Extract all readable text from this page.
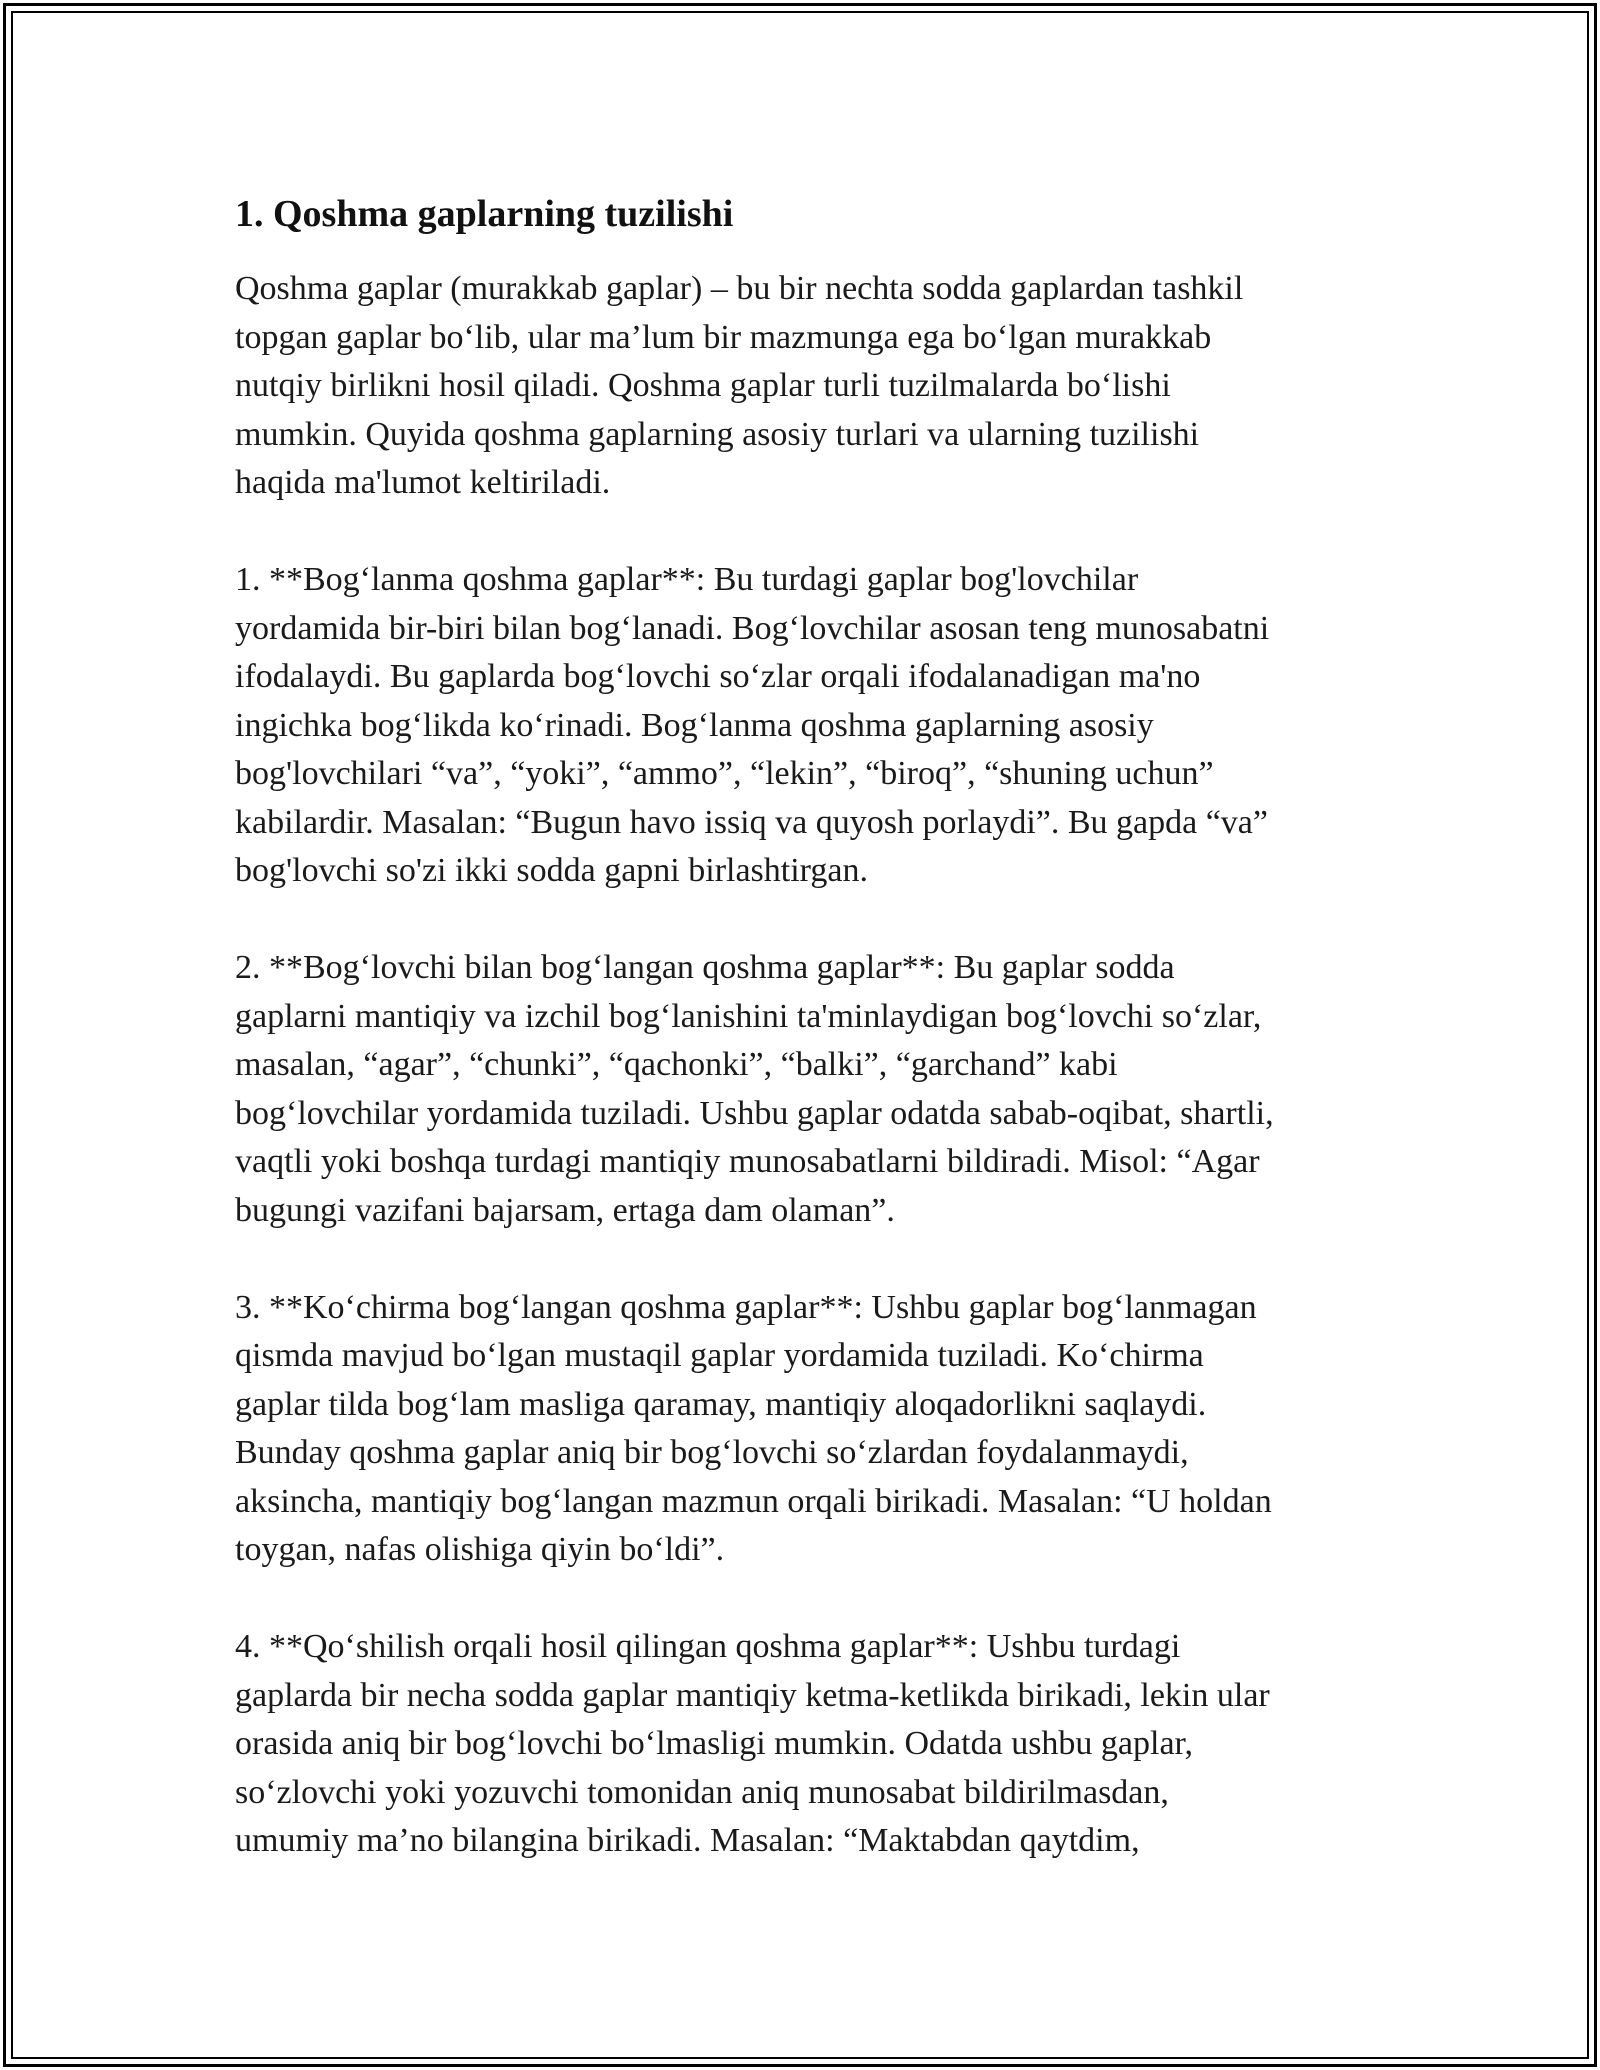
1. Qoshma gaplarning tuzilishi

Qoshma gaplar (murakkab gaplar) – bu bir nechta sodda gaplardan tashkil
topgan gaplar bo‘lib, ular ma’lum bir mazmunga ega bo‘lgan murakkab
nutqiy birlikni hosil qiladi. Qoshma gaplar turli tuzilmalarda bo‘lishi
mumkin. Quyida qoshma gaplarning asosiy turlari va ularning tuzilishi
haqida ma'lumot keltiriladi.

1. **Bog‘lanma qoshma gaplar**: Bu turdagi gaplar bog'lovchilar
yordamida bir-biri bilan bog‘lanadi. Bog‘lovchilar asosan teng munosabatni
ifodalaydi. Bu gaplarda bog‘lovchi so‘zlar orqali ifodalanadigan ma'no
ingichka bog‘likda ko‘rinadi. Bog‘lanma qoshma gaplarning asosiy
bog'lovchilari “va”, “yoki”, “ammo”, “lekin”, “biroq”, “shuning uchun”
kabilardir. Masalan: “Bugun havo issiq va quyosh porlaydi”. Bu gapda “va”
bog'lovchi so'zi ikki sodda gapni birlashtirgan.

2. **Bog‘lovchi bilan bog‘langan qoshma gaplar**: Bu gaplar sodda
gaplarni mantiqiy va izchil bog‘lanishini ta'minlaydigan bog‘lovchi so‘zlar,
masalan, “agar”, “chunki”, “qachonki”, “balki”, “garchand” kabi
bog‘lovchilar yordamida tuziladi. Ushbu gaplar odatda sabab-oqibat, shartli,
vaqtli yoki boshqa turdagi mantiqiy munosabatlarni bildiradi. Misol: “Agar
bugungi vazifani bajarsam, ertaga dam olaman”.

3. **Ko‘chirma bog‘langan qoshma gaplar**: Ushbu gaplar bog‘lanmagan
qismda mavjud bo‘lgan mustaqil gaplar yordamida tuziladi. Ko‘chirma
gaplar tilda bog‘lam masliga qaramay, mantiqiy aloqadorlikni saqlaydi.
Bunday qoshma gaplar aniq bir bog‘lovchi so‘zlardan foydalanmaydi,
aksincha, mantiqiy bog‘langan mazmun orqali birikadi. Masalan: “U holdan
toygan, nafas olishiga qiyin bo‘ldi”.

4. **Qo‘shilish orqali hosil qilingan qoshma gaplar**: Ushbu turdagi
gaplarda bir necha sodda gaplar mantiqiy ketma-ketlikda birikadi, lekin ular
orasida aniq bir bog‘lovchi bo‘lmasligi mumkin. Odatda ushbu gaplar,
so‘zlovchi yoki yozuvchi tomonidan aniq munosabat bildirilmasdan,
umumiy ma’no bilangina birikadi. Masalan: “Maktabdan qaytdim,
